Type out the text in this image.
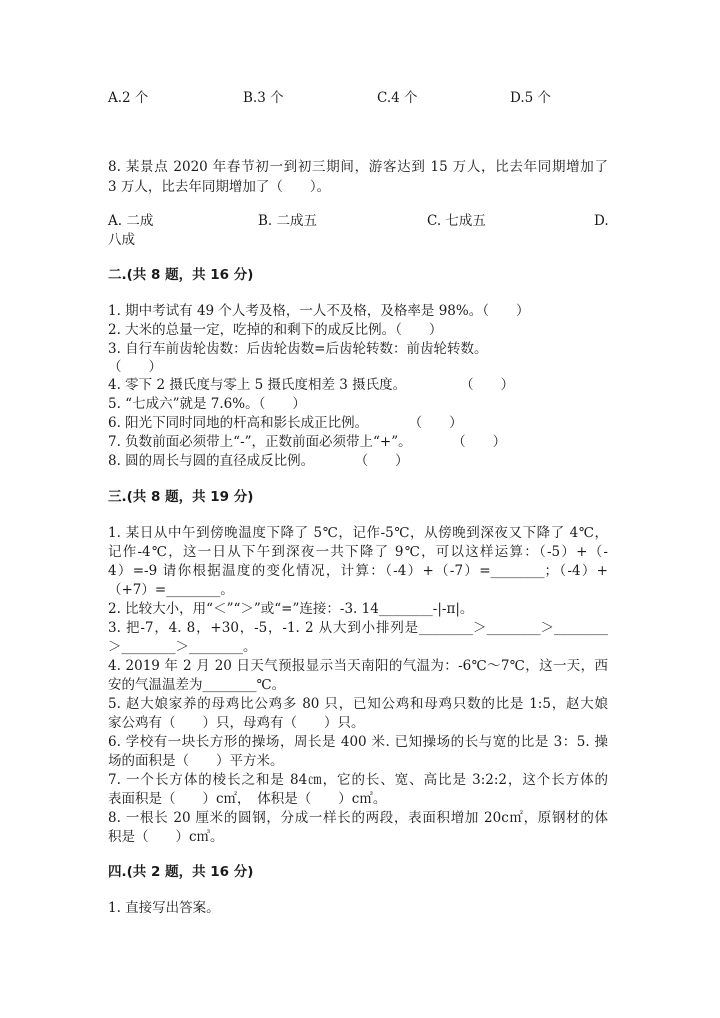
A.2 个	B.3 个	C.4 个	D.5 个
8. 某景点 2020 年春节初一到初三期间，游客达到 15 万人，比去年同期增加了
3 万人，比去年同期增加了（　　）。
A. 二成	B. 二成五	C. 七成五	D.
八成
二.(共 8 题，共 16 分)
1. 期中考试有 49 个人考及格，一人不及格，及格率是 98%。（　　）
2. 大米的总量一定，吃掉的和剩下的成反比例。（　　）
3. 自行车前齿轮齿数：后齿轮齿数=后齿轮转数：前齿轮转数。
（　　）
4. 零下 2 摄氏度与零上 5 摄氏度相差 3 摄氏度。　　　　　（　　）
5. “七成六”就是 7.6%。（　　）
6. 阳光下同时同地的杆高和影长成正比例。　　　　（　　）
7. 负数前面必须带上“-”，正数前面必须带上“+”。　　　　（　　）
8. 圆的周长与圆的直径成反比例。　　　　（　　）
三.(共 8 题，共 19 分)
1. 某日从中午到傍晚温度下降了 5℃，记作-5℃，从傍晚到深夜又下降了 4℃，
记作-4℃，这一日从下午到深夜一共下降了 9℃，可以这样运算：（-5）+（-
4）=-9 请你根据温度的变化情况，计算：（-4）+（-7）=________；（-4）+
（+7）=________。
2. 比较大小，用“＜”“＞”或“=”连接：-3. 14________-|-π|。
3. 把-7，4. 8，+30，-5，-1. 2 从大到小排列是________＞________＞________
＞________＞________。
4. 2019 年 2 月 20 日天气预报显示当天南阳的气温为：-6℃～7℃，这一天，西
安的气温温差为________℃。
5. 赵大娘家养的母鸡比公鸡多 80 只，已知公鸡和母鸡只数的比是 1:5，赵大娘
家公鸡有（　　）只，母鸡有（　　）只。
6. 学校有一块长方形的操场，周长是 400 米. 已知操场的长与宽的比是 3：5. 操
场的面积是（　　）平方米。
7. 一个长方体的棱长之和是 84㎝，它的长、宽、高比是 3:2:2，这个长方体的
表面积是（　　）c㎡，　体积是（　　）c㎥。
8. 一根长 20 厘米的圆钢，分成一样长的两段，表面积增加 20c㎡，原钢材的体
积是（　　）c㎥。
四.(共 2 题，共 16 分)
1. 直接写出答案。
